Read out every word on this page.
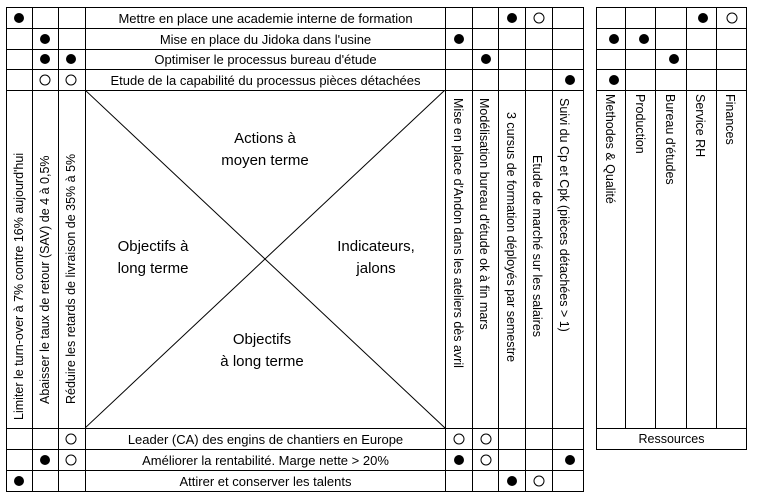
Mettre en place une academie interne de formation
Mise en place du Jidoka dans l'usine
Optimiser le processus bureau d'étude
Etude de la capabilité du processus pièces détachées
Leader (CA) des engins de chantiers en Europe
Améliorer la rentabilité. Marge nette > 20%
Attirer et conserver les talents
Limiter le turn-over à 7% contre 16% aujourd'hui Abaisser le taux de retour (SAV) de 4 à 0,5% Réduire les retards de livraison de 35% à 5%	Mise en place d'Andon dans les ateliers dès avril Modélisation bureau d'étude ok à fin mars 3 cursus de formation déployés par semestre Etude de marché sur les salaires Suivi du Cp et Cpk (pièces détachées > 1)
Actions à
moyen terme
Objectifs à
long terme
Indicateurs,
jalons
Objectifs
à long terme
Methodes & Qualité Production Bureau d'études Service RH Finances
Ressources
